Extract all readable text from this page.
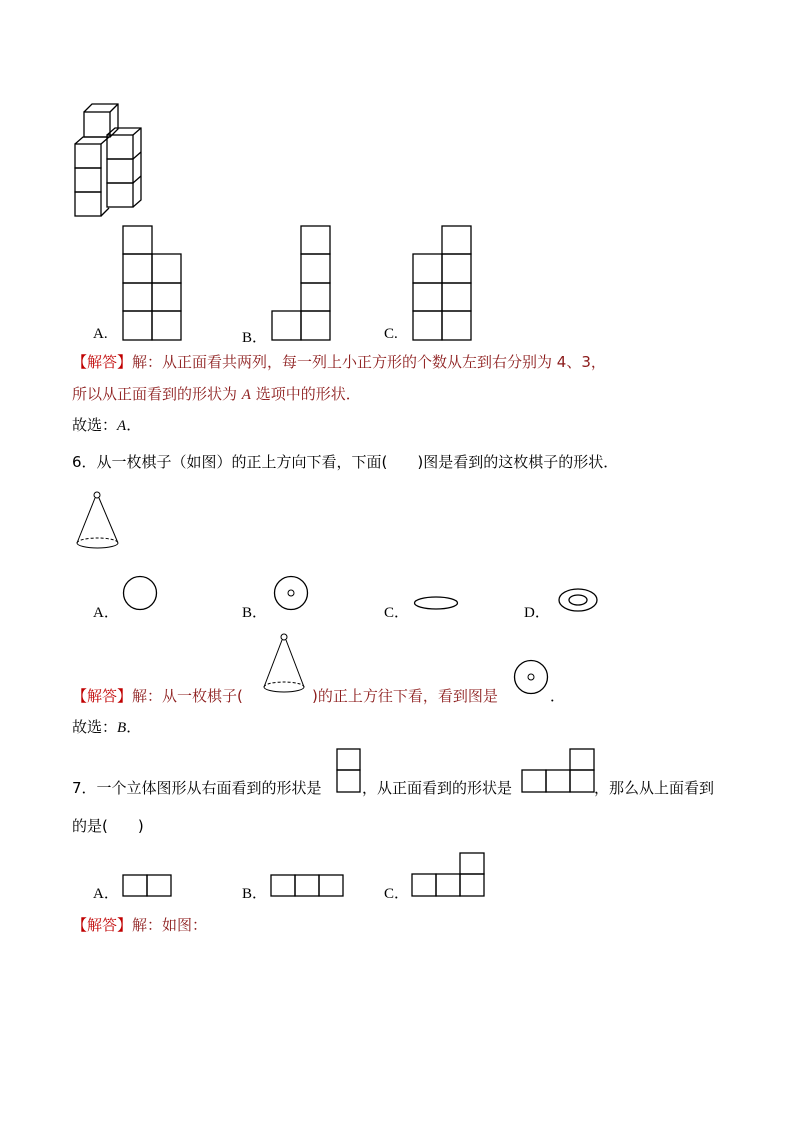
A.	B．	C.
【解答】解：从正面看共两列，每一列上小正方形的个数从左到右分别为 4、3，
所以从正面看到的形状为 A 选项中的形状．
故选：A．
6．从一枚棋子（如图）的正上方向下看，下面(　　)图是看到的这枚棋子的形状．
A．	B．	C．	D．
【解答】解：从一枚棋子(	)的正上方往下看，看到图是	．
故选：B．
7．一个立体图形从右面看到的形状是	，从正面看到的形状是	，那么从上面看到
的是(　　)
A．	B．	C．
【解答】解：如图：
